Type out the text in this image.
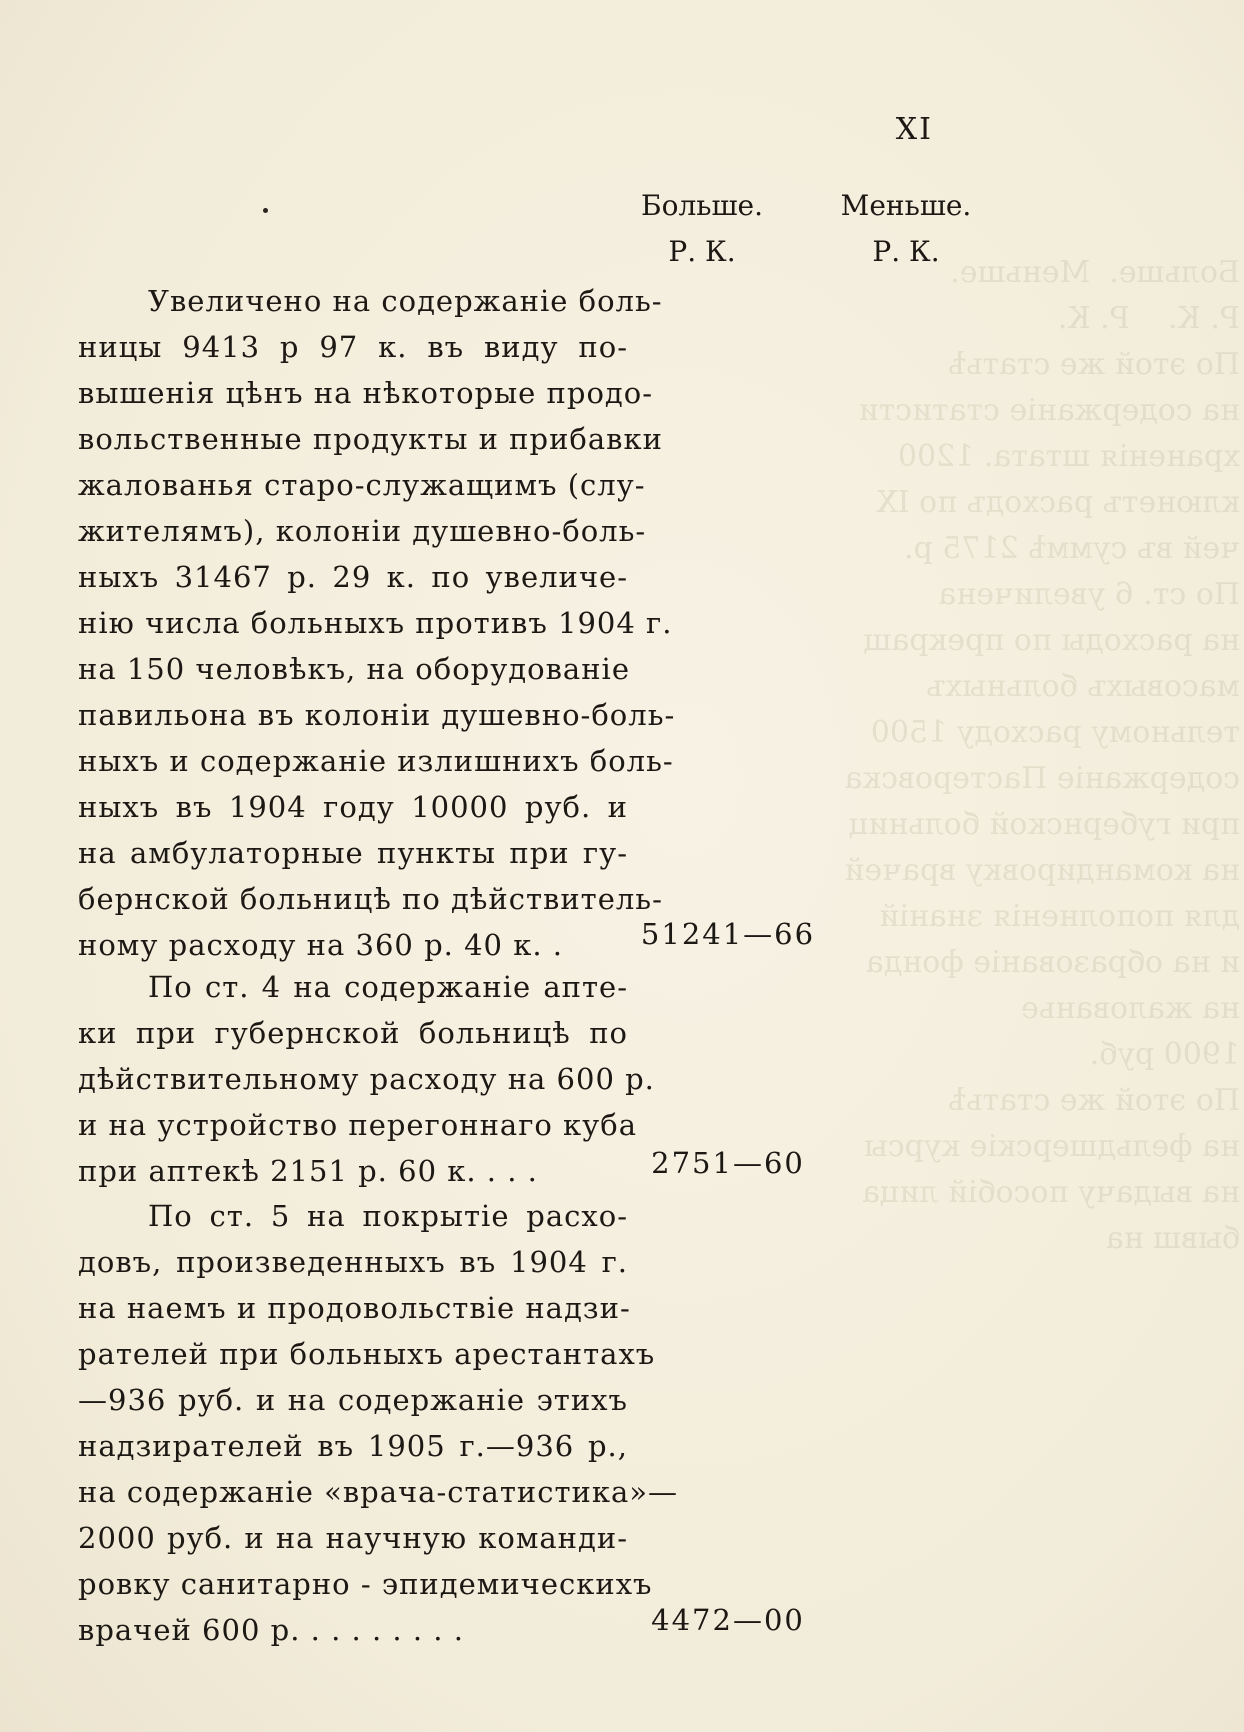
Больше.  Меньше.
Р. К.    Р. К.
По этой же статьѣ
на содержаніе статисти
храненія штата. 1200
клюнетъ расходъ по IX
чей въ суммѣ 2175 р.
По ст. 6 увеличена
на расходы по прекращ
масовыхъ больныхъ
тельному расходу 1500
содержаніе Пастеровска
при губернской больниц
на командировку врачей
для пополненія знаній
и на образованіе фонда
на жалованье
1900 руб.
По этой же статьѣ
на фельдшерскіе курсы
на выдачу пособій лица
бывш на
XI
Больше.
Р. К.
Меньше.
Р. К.
Увеличено на содержаніе боль-
ницы 9413 р 97 к. въ виду по-
вышенія цѣнъ на нѣкоторые продо-
вольственные продукты и прибавки
жалованья старо-служащимъ (слу-
жителямъ), колоніи душевно-боль-
ныхъ 31467 р. 29 к. по увеличе-
нію числа больныхъ противъ 1904 г.
на 150 человѣкъ, на оборудованіе
павильона въ колоніи душевно-боль-
ныхъ и содержаніе излишнихъ боль-
ныхъ въ 1904 году 10000 руб. и
на амбулаторные пункты при гу-
бернской больницѣ по дѣйствитель-
ному расходу на 360 р. 40 к. .	51241—66
По ст. 4 на содержаніе апте-
ки при губернской больницѣ по
дѣйствительному расходу на 600 р.
и на устройство перегоннаго куба
при аптекѣ 2151 р. 60 к. . . .	2751—60
По ст. 5 на покрытіе расхо-
довъ, произведенныхъ въ 1904 г.
на наемъ и продовольствіе надзи-
рателей при больныхъ арестантахъ
—936 руб. и на содержаніе этихъ
надзирателей въ 1905 г.—936 р.,
на содержаніе «врача-статистика»—
2000 руб. и на научную команди-
ровку санитарно - эпидемическихъ
врачей 600 р. . . . . . . . .	4472—00
